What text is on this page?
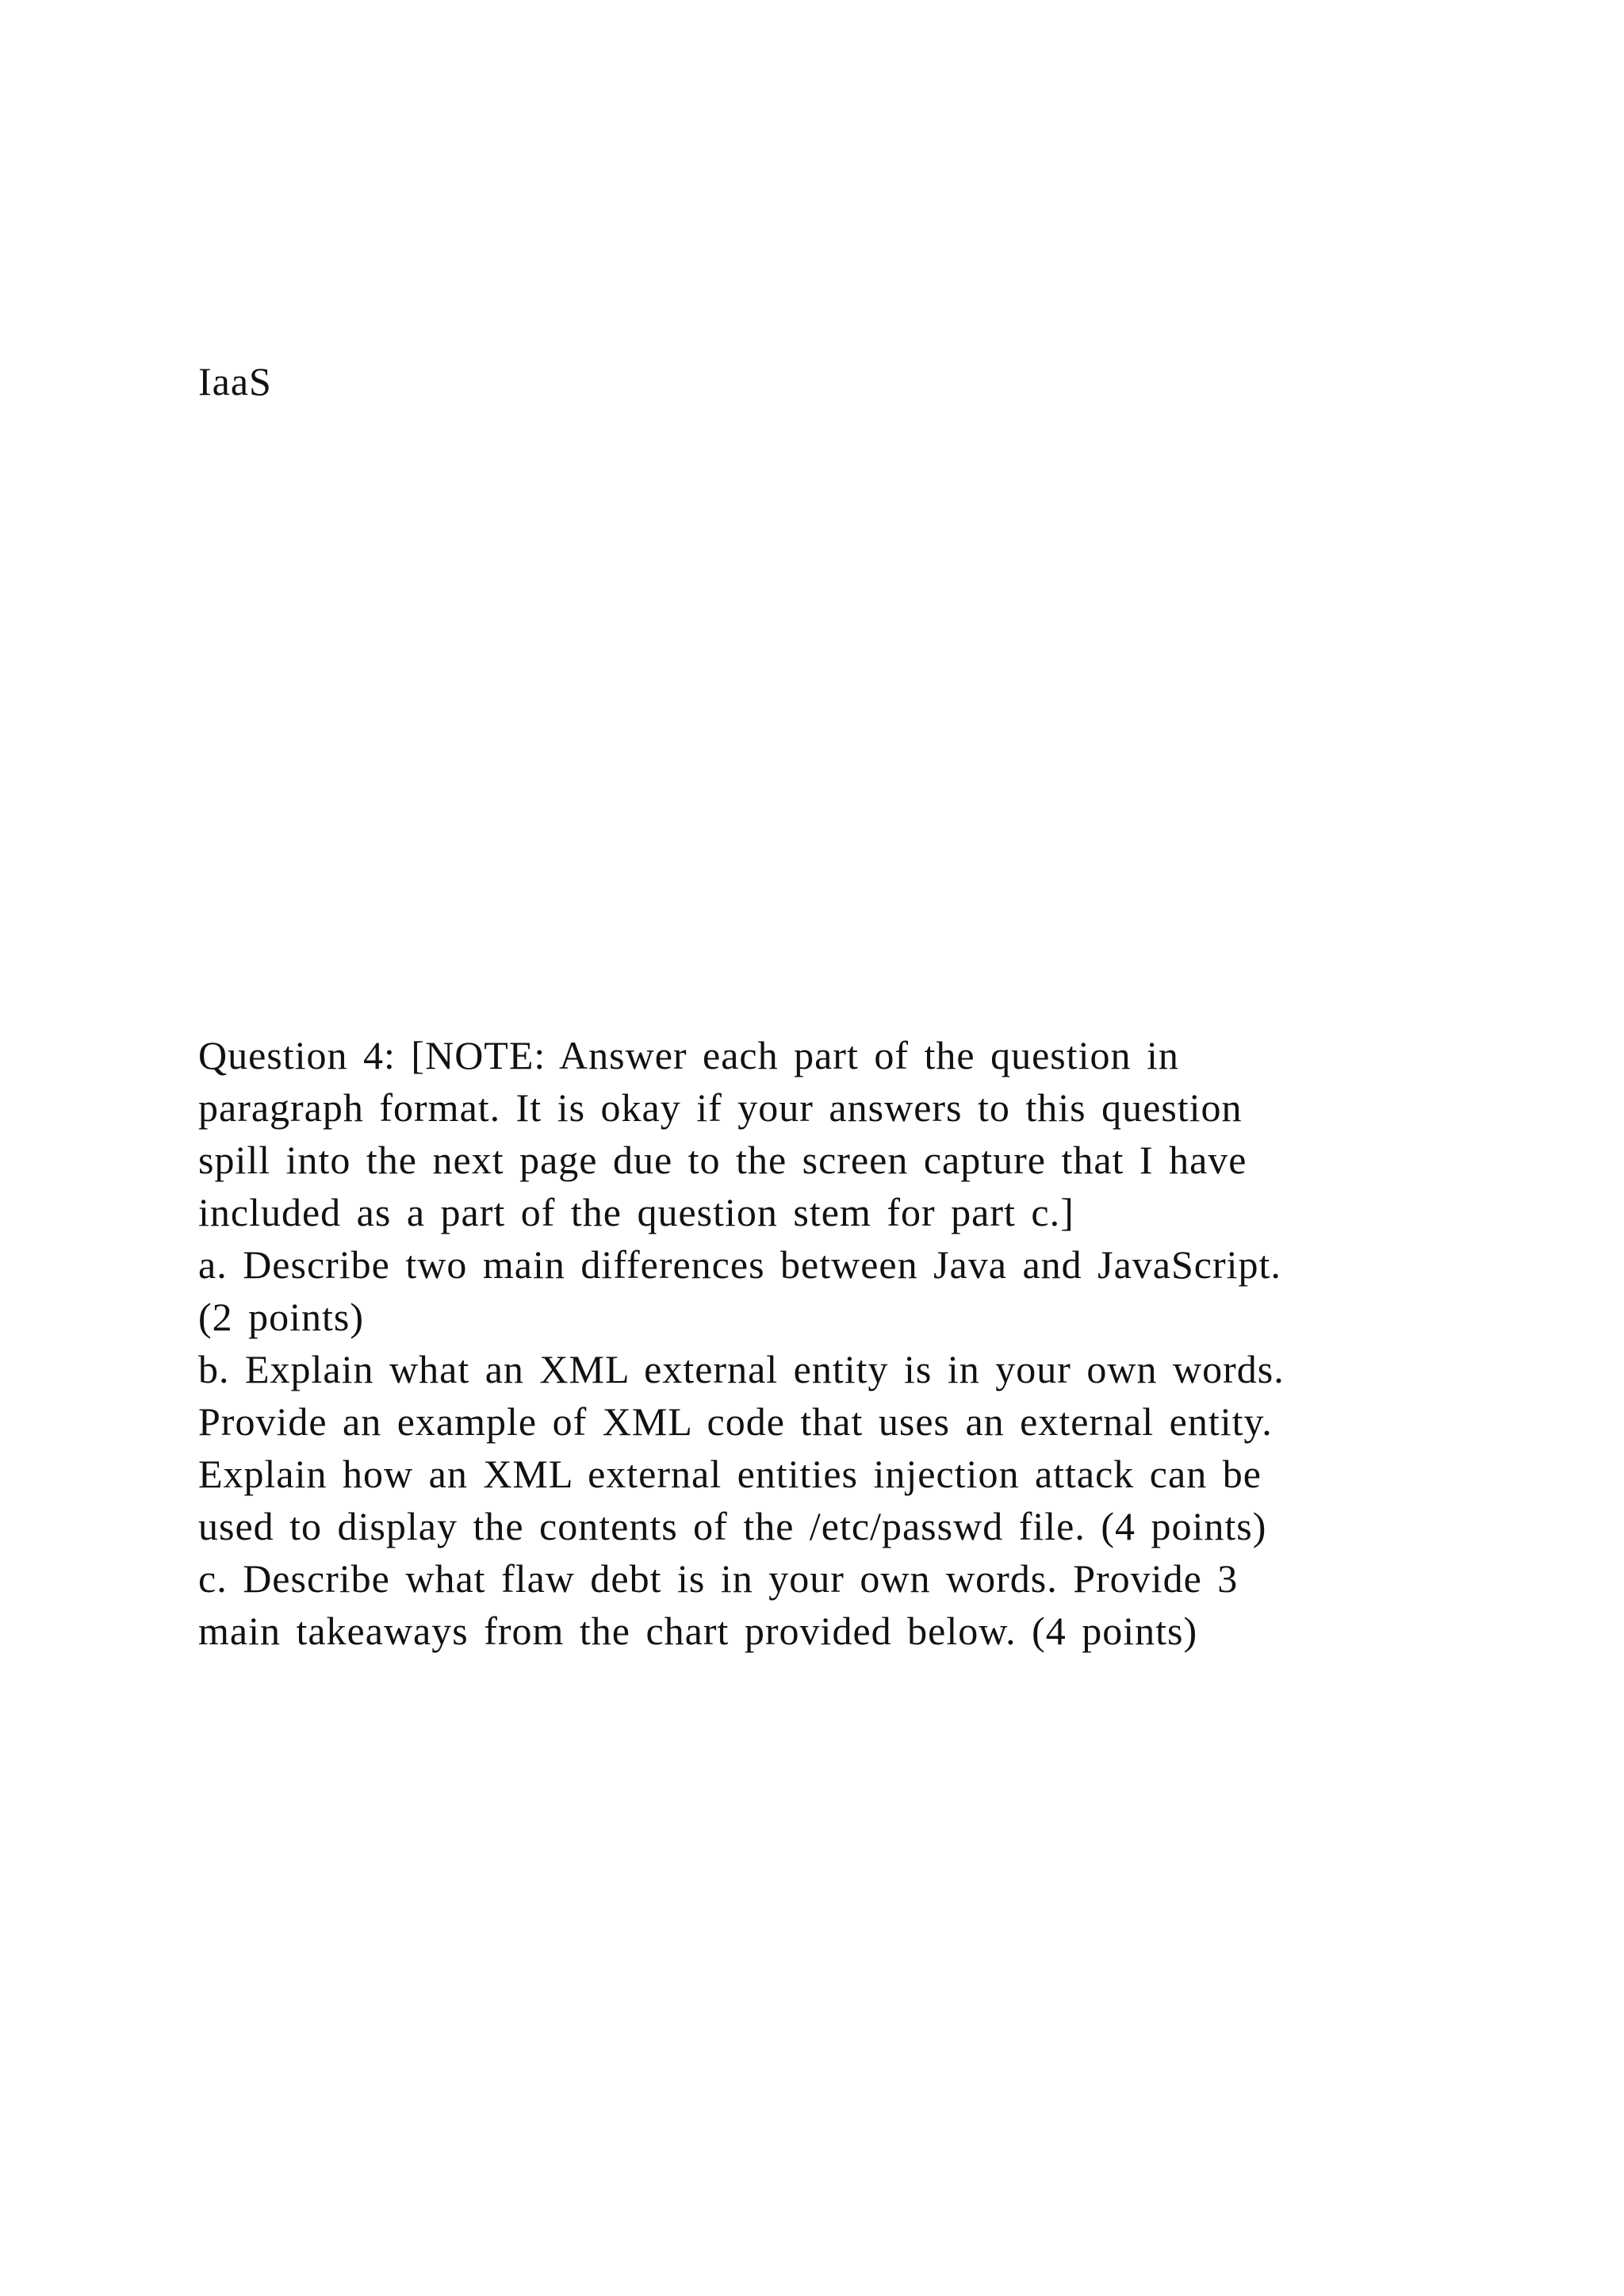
IaaS
Question 4: [NOTE: Answer each part of the question in
paragraph format. It is okay if your answers to this question
spill into the next page due to the screen capture that I have
included as a part of the question stem for part c.]
a. Describe two main differences between Java and JavaScript.
(2 points)
b. Explain what an XML external entity is in your own words.
Provide an example of XML code that uses an external entity.
Explain how an XML external entities injection attack can be
used to display the contents of the /etc/passwd file. (4 points)
c. Describe what flaw debt is in your own words. Provide 3
main takeaways from the chart provided below. (4 points)
